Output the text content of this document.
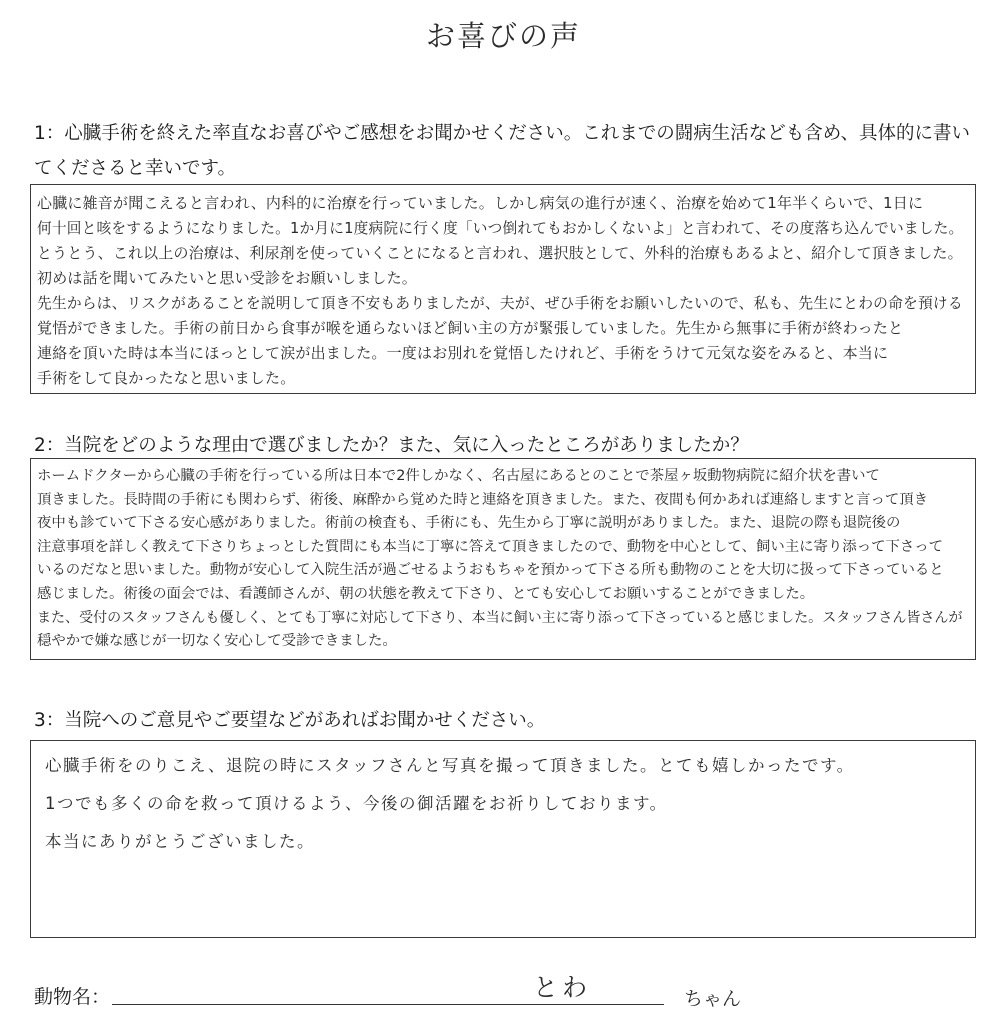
お喜びの声
1：心臓手術を終えた率直なお喜びやご感想をお聞かせください。これまでの闘病生活なども含め、具体的に書いてくださると幸いです。
心臓に雑音が聞こえると言われ、内科的に治療を行っていました。しかし病気の進行が速く、治療を始めて1年半くらいで、1日に
何十回と咳をするようになりました。1か月に1度病院に行く度「いつ倒れてもおかしくないよ」と言われて、その度落ち込んでいました。
とうとう、これ以上の治療は、利尿剤を使っていくことになると言われ、選択肢として、外科的治療もあるよと、紹介して頂きました。
初めは話を聞いてみたいと思い受診をお願いしました。
先生からは、リスクがあることを説明して頂き不安もありましたが、夫が、ぜひ手術をお願いしたいので、私も、先生にとわの命を預ける
覚悟ができました。手術の前日から食事が喉を通らないほど飼い主の方が緊張していました。先生から無事に手術が終わったと
連絡を頂いた時は本当にほっとして涙が出ました。一度はお別れを覚悟したけれど、手術をうけて元気な姿をみると、本当に
手術をして良かったなと思いました。
2：当院をどのような理由で選びましたか？また、気に入ったところがありましたか？
ホームドクターから心臓の手術を行っている所は日本で2件しかなく、名古屋にあるとのことで茶屋ヶ坂動物病院に紹介状を書いて
頂きました。長時間の手術にも関わらず、術後、麻酔から覚めた時と連絡を頂きました。また、夜間も何かあれば連絡しますと言って頂き
夜中も診ていて下さる安心感がありました。術前の検査も、手術にも、先生から丁寧に説明がありました。また、退院の際も退院後の
注意事項を詳しく教えて下さりちょっとした質問にも本当に丁寧に答えて頂きましたので、動物を中心として、飼い主に寄り添って下さって
いるのだなと思いました。動物が安心して入院生活が過ごせるようおもちゃを預かって下さる所も動物のことを大切に扱って下さっていると
感じました。術後の面会では、看護師さんが、朝の状態を教えて下さり、とても安心してお願いすることができました。
また、受付のスタッフさんも優しく、とても丁寧に対応して下さり、本当に飼い主に寄り添って下さっていると感じました。スタッフさん皆さんが
穏やかで嫌な感じが一切なく安心して受診できました。
3：当院へのご意見やご要望などがあればお聞かせください。
心臓手術をのりこえ、退院の時にスタッフさんと写真を撮って頂きました。とても嬉しかったです。
1つでも多くの命を救って頂けるよう、今後の御活躍をお祈りしております。
本当にありがとうございました。
動物名：	とわ	ちゃん
